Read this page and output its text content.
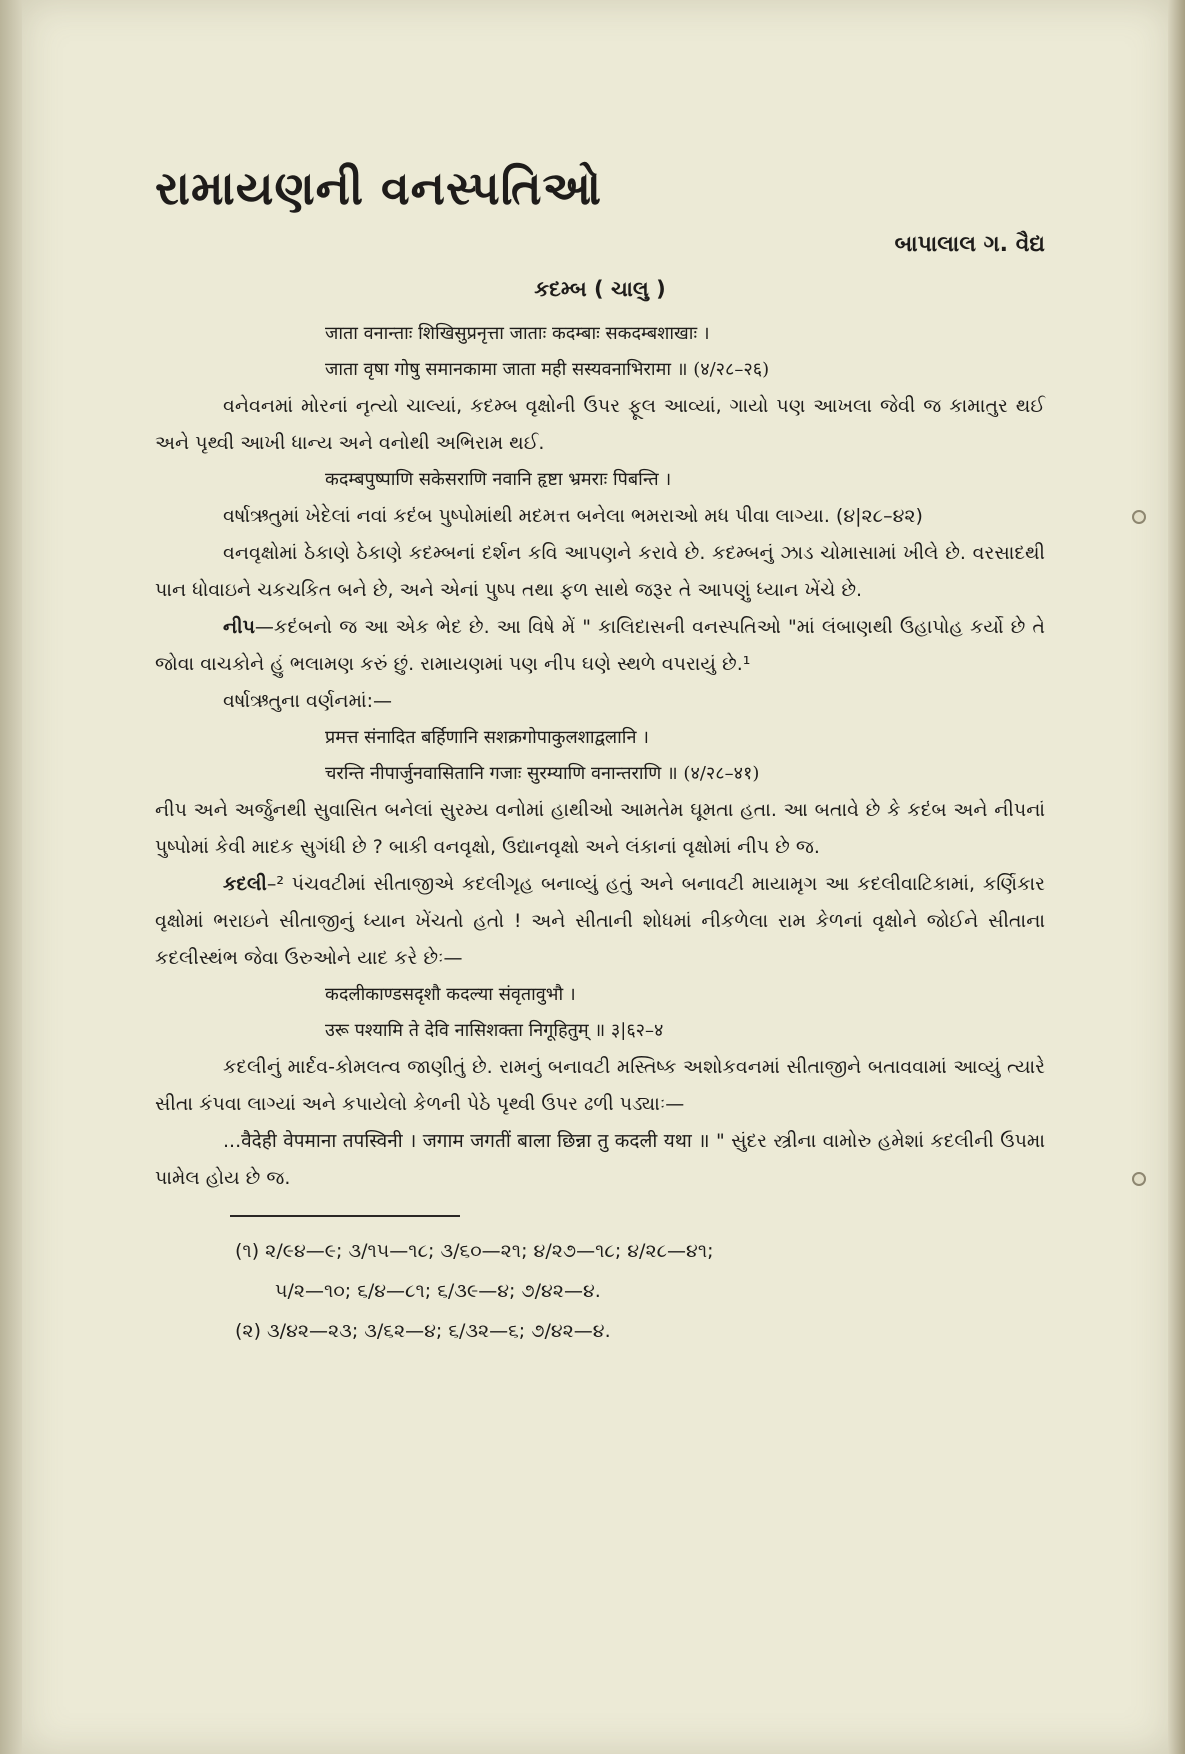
રામાયણની વનસ્પતિઓ
બાપાલાલ ગ. વૈદ્ય
કદમ્બ ( ચાલુ )

जाता वनान्ताः शिखिसुप्रनृत्ता जाताः कदम्बाः सकदम्बशाखाः ।

जाता वृषा गोषु समानकामा जाता मही सस्यवनाभिरामा ॥ (४/२८–२६)

વનેવનમાં મોરનાં નૃત્યો ચાલ્યાં, કદમ્બ વૃક્ષોની ઉપર ફૂલ આવ્યાં, ગાયો પણ આખલા જેવી જ કામાતુર થઈ અને પૃથ્વી આખી ધાન્ય અને વનોથી અભિરામ થઈ.

कदम्बपुष्पाणि सकेसराणि नवानि हृष्टा भ्रमराः पिबन्ति ।

વર્ષાઋતુમાં ખેદેલાં નવાં કદંબ પુષ્પોમાંથી મદમત્ત બનેલા ભમરાઓ મધ પીવા લાગ્યા. (૪|૨૮–૪૨)

વનવૃક્ષોમાં ઠેકાણે ઠેકાણે કદમ્બનાં દર્શન કવિ આપણને કરાવે છે. કદમ્બનું ઝાડ ચોમાસામાં ખીલે છે. વરસાદથી પાન ધોવાઇને ચકચકિત બને છે, અને એનાં પુષ્પ તથા ફળ સાથે જરૂર તે આપણું ધ્યાન ખેંચે છે.

નીપ—કદંબનો જ આ એક ભેદ છે. આ વિષે મેં " કાલિદાસની વનસ્પતિઓ "માં લંબાણથી ઉહાપોહ કર્યો છે તે જોવા વાચકોને હું ભલામણ કરું છું. રામાયણમાં પણ નીપ ઘણે સ્થળે વપરાયું છે.¹

વર્ષાઋતુના વર્ણનમાં:—

प्रमत्त संनादित बर्हिणानि सशक्रगोपाकुलशाद्वलानि ।

चरन्ति नीपार्जुनवासितानि गजाः सुरम्याणि वनान्तराणि ॥ (४/२८–४१)

નીપ અને અર્જુનથી સુવાસિત બનેલાં સુરમ્ય વનોમાં હાથીઓ આમતેમ ઘૂમતા હતા. આ બતાવે છે કે કદંબ અને નીપનાં પુષ્પોમાં કેવી માદક સુગંધી છે ? બાકી વનવૃક્ષો, ઉદ્યાનવૃક્ષો અને લંકાનાં વૃક્ષોમાં નીપ છે જ.

કદલી–² પંચવટીમાં સીતાજીએ કદલીગૃહ બનાવ્યું હતું અને બનાવટી માયામૃગ આ કદલીવાટિકામાં, કર્ણિકાર વૃક્ષોમાં ભરાઇને સીતાજીનું ધ્યાન ખેંચતો હતો ! અને સીતાની શોધમાં નીકળેલા રામ કેળનાં વૃક્ષોને જોઈને સીતાના કદલીસ્થંભ જેવા ઉરુઓને યાદ કરે છેઃ—

कदलीकाण्डसदृशौ कदल्या संवृतावुभौ ।

उरू पश्यामि ते देवि नासिशक्ता निगूहितुम् ॥ ३|६२–४

કદલીનું માર્દવ-કોમલત્વ જાણીતું છે. રામનું બનાવટી મસ્તિષ્ક અશોકવનમાં સીતાજીને બતાવવામાં આવ્યું ત્યારે સીતા કંપવા લાગ્યાં અને કપાયેલો કેળની પેઠે પૃથ્વી ઉપર ઢળી પડ્યાઃ—

...वैदेही वेपमाना तपस्विनी । जगाम जगतीं बाला छिन्ना तु कदली यथा ॥ " સુંદર સ્ત્રીના વામોરુ હમેશાં કદલીની ઉપમા પામેલ હોય છે જ.

(૧) ૨/૯૪—૯; ૩/૧૫—૧૮; ૩/૬૦—૨૧; ૪/૨૭—૧૮; ૪/૨૮—૪૧;
૫/૨—૧૦; ૬/૪—૮૧; ૬/૩૯—૪; ૭/૪૨—૪.
(૨) ૩/૪૨—૨૩; ૩/૬૨—૪; ૬/૩૨—૬; ૭/૪૨—૪.
